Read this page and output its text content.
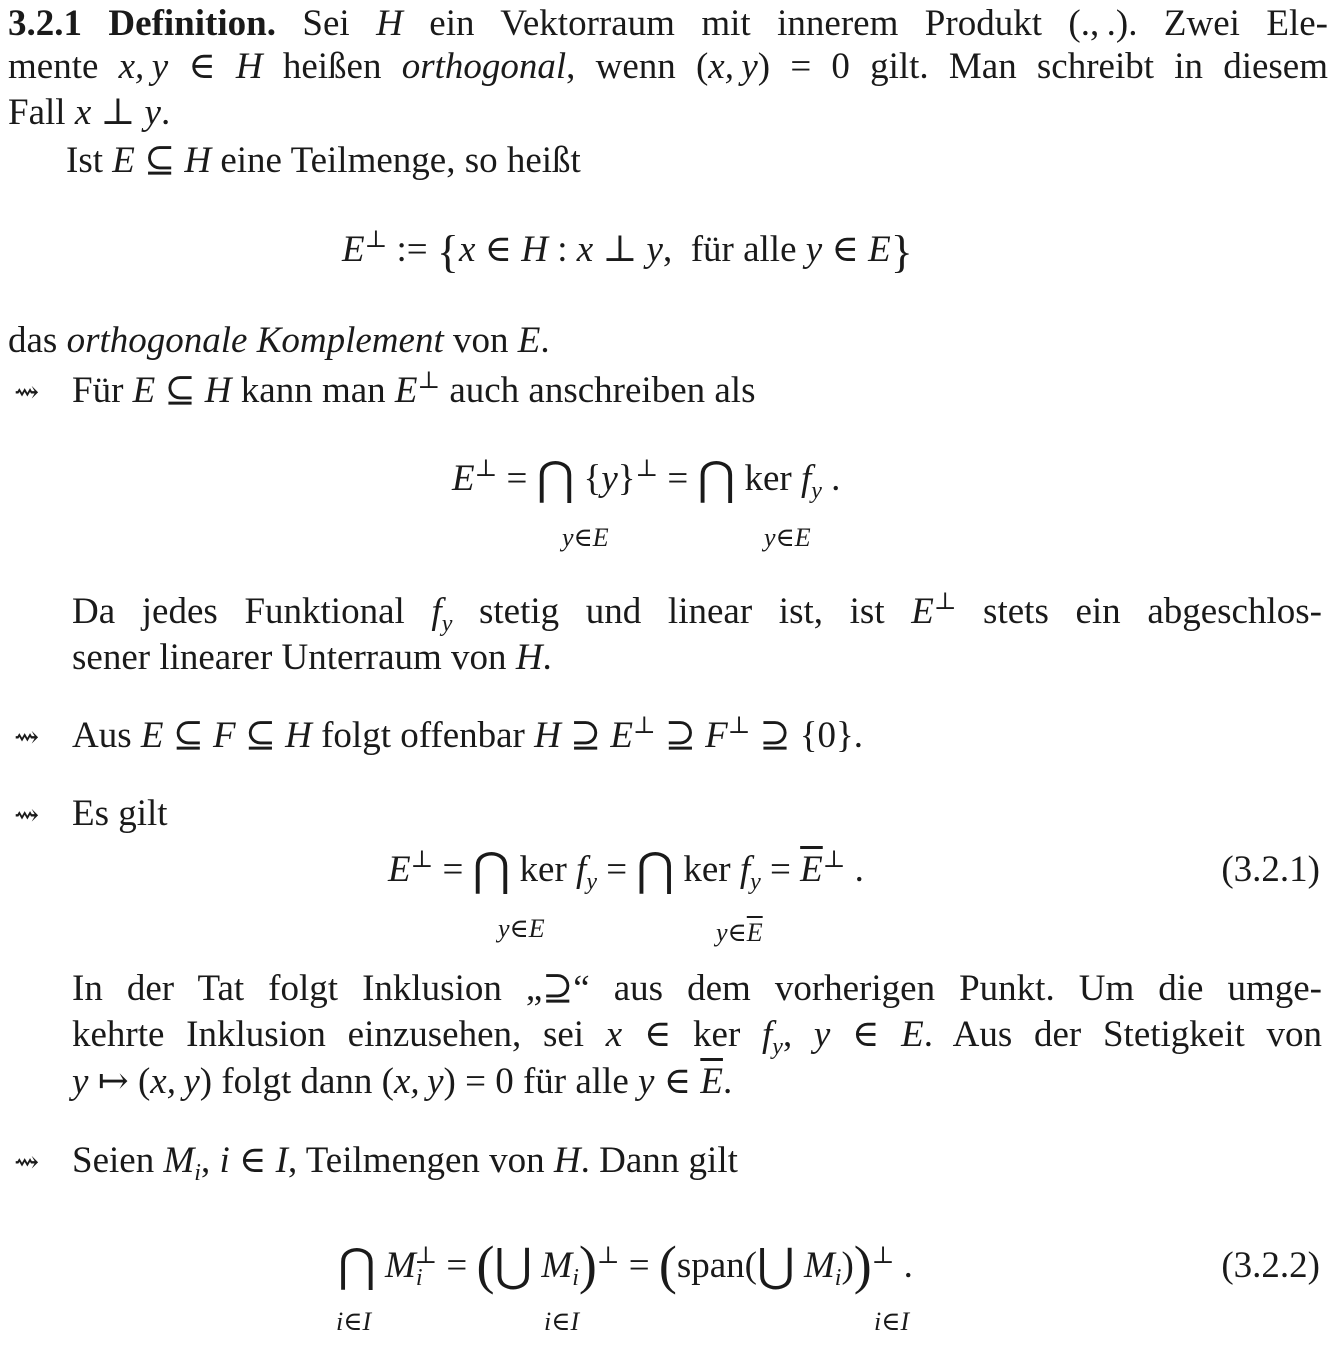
3.2.1 Definition. Sei H ein Vektorraum mit innerem Produkt (., .). Zwei Ele-
mente x, y ∈ H heißen orthogonal, wenn (x, y) = 0 gilt. Man schreibt in diesem
Fall x ⊥ y.
Ist E ⊆ H eine Teilmenge, so heißt
E⊥ := {x ∈ H : x ⊥ y,  für alle y ∈ E}
das orthogonale Komplement von E.
⇝ Für E ⊆ H kann man E⊥ auch anschreiben als
E⊥ = ⋂ {y}⊥ = ⋂ ker $f_y$ .
y∈E	y∈E
Da jedes Funktional $f_y$ stetig und linear ist, ist E⊥ stets ein abgeschlos-
sener linearer Unterraum von H.
⇝ Aus E ⊆ F ⊆ H folgt offenbar H ⊇ E⊥ ⊇ F⊥ ⊇ {0}.
⇝ Es gilt
E⊥ = ⋂ ker $f_y$ = ⋂ ker $f_y = \overline{E}^\perp$ .
y∈E	$y\in\overline{E}$
(3.2.1)
In der Tat folgt Inklusion „⊇“ aus dem vorherigen Punkt. Um die umge-
kehrte Inklusion einzusehen, sei x ∈ ker $f_y$, y ∈ E. Aus der Stetigkeit von
y ↦ (x, y) folgt dann (x, y) = 0 für alle y ∈ $\overline{E}$.
⇝ Seien $M_i$, i ∈ I, Teilmengen von H. Dann gilt
⋂ $M_i^\perp$ = (⋃ $M_i)^\perp$ = (span(⋃ $M_i))^\perp$ .
i∈I	i∈I	i∈I
(3.2.2)
